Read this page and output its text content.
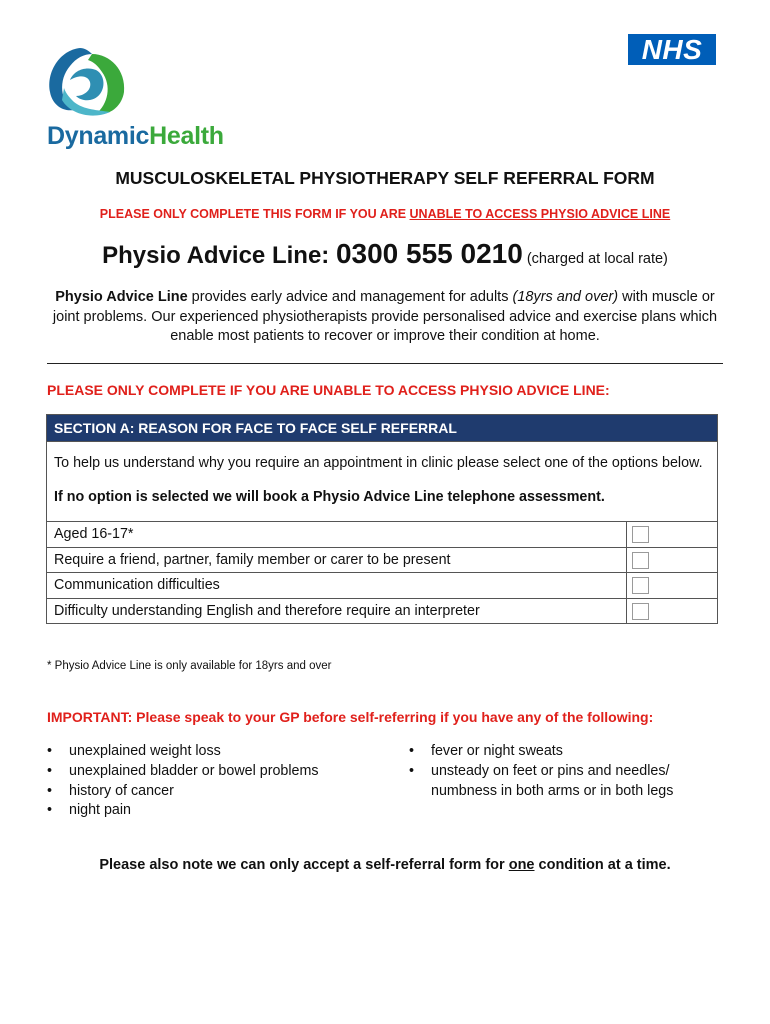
DynamicHealth
NHS
MUSCULOSKELETAL PHYSIOTHERAPY SELF REFERRAL FORM
PLEASE ONLY COMPLETE THIS FORM IF YOU ARE UNABLE TO ACCESS PHYSIO ADVICE LINE
Physio Advice Line: 0300 555 0210 (charged at local rate)
Physio Advice Line provides early advice and management for adults (18yrs and over) with muscle or joint problems. Our experienced physiotherapists provide personalised advice and exercise plans which enable most patients to recover or improve their condition at home.
PLEASE ONLY COMPLETE IF YOU ARE UNABLE TO ACCESS PHYSIO ADVICE LINE:
SECTION A: REASON FOR FACE TO FACE SELF REFERRAL
To help us understand why you require an appointment in clinic please select one of the options below.
If no option is selected we will book a Physio Advice Line telephone assessment.
Aged 16-17*
Require a friend, partner, family member or carer to be present
Communication difficulties
Difficulty understanding English and therefore require an interpreter
* Physio Advice Line is only available for 18yrs and over
IMPORTANT: Please speak to your GP before self-referring if you have any of the following:
• unexplained weight loss
• unexplained bladder or bowel problems
• history of cancer
• night pain
• fever or night sweats
• unsteady on feet or pins and needles/ numbness in both arms or in both legs
Please also note we can only accept a self-referral form for one condition at a time.
